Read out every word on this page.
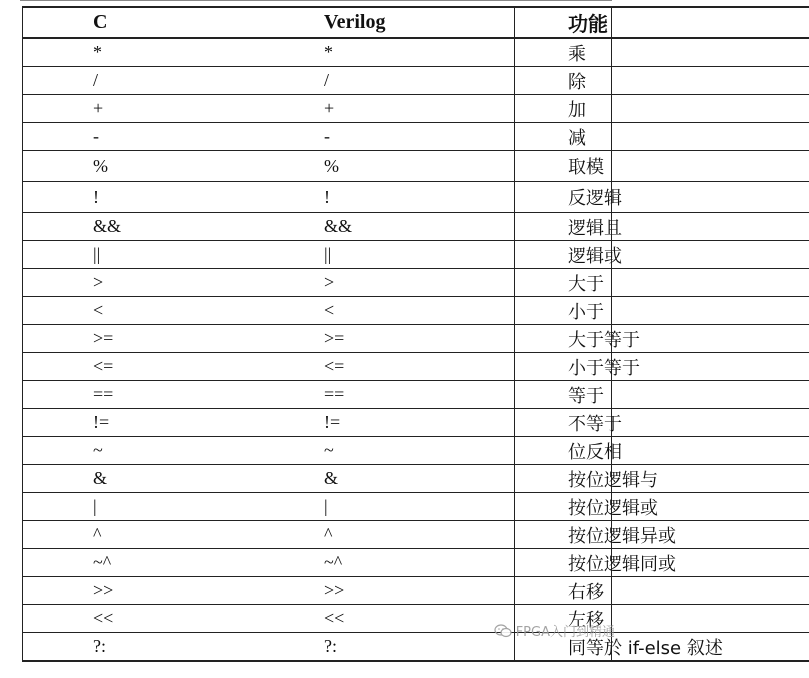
C	Verilog	功能
*	*	乘
/	/	除
+	+	加
-	-	减
%	%	取模
!	!	反逻辑
&&	&&	逻辑且
||	||	逻辑或
>	>	大于
<	<	小于
>=	>=	大于等于
<=	<=	小于等于
==	==	等于
!=	!=	不等于
~	~	位反相
&	&	按位逻辑与
|	|	按位逻辑或
^	^	按位逻辑异或
~^	~^	按位逻辑同或
>>	>>	右移
<<	<<	左移
?:	?:	同等於 if-else 叙述
FPGA入门到精通
